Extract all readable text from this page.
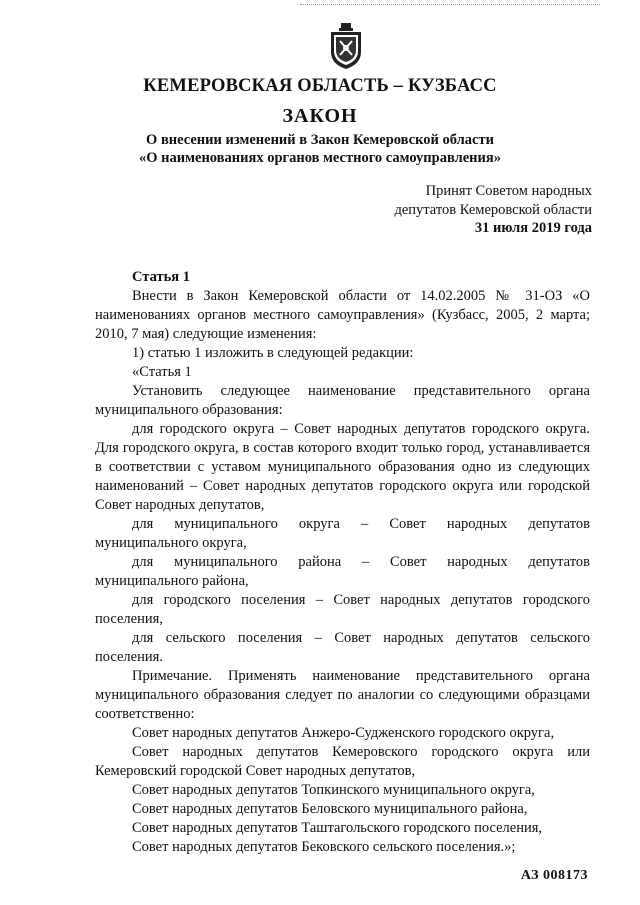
КЕМЕРОВСКАЯ ОБЛАСТЬ – КУЗБАСС
ЗАКОН
О внесении изменений в Закон Кемеровской области
«О наименованиях органов местного самоуправления»
Принят Советом народных
депутатов Кемеровской области
31 июля 2019 года

Статья 1

Внести в Закон Кемеровской области от 14.02.2005 № 31-ОЗ «О наименованиях органов местного самоуправления» (Кузбасс, 2005, 2 марта; 2010, 7 мая) следующие изменения:

1) статью 1 изложить в следующей редакции:

«Статья 1

Установить следующее наименование представительного органа муниципального образования:

для городского округа – Совет народных депутатов городского округа. Для городского округа, в состав которого входит только город, устанавливается в соответствии с уставом муниципального образования одно из следующих наименований – Совет народных депутатов городского округа или городской Совет народных депутатов,

для муниципального округа – Совет народных депутатов муниципального округа,

для муниципального района – Совет народных депутатов муниципального района,

для городского поселения – Совет народных депутатов городского поселения,

для сельского поселения – Совет народных депутатов сельского поселения.

Примечание. Применять наименование представительного органа муниципального образования следует по аналогии со следующими образцами соответственно:

Совет народных депутатов Анжеро-Судженского городского округа,

Совет народных депутатов Кемеровского городского округа или Кемеровский городской Совет народных депутатов,

Совет народных депутатов Топкинского муниципального округа,

Совет народных депутатов Беловского муниципального района,

Совет народных депутатов Таштагольского городского поселения,

Совет народных депутатов Бековского сельского поселения.»;

АЗ 008173
